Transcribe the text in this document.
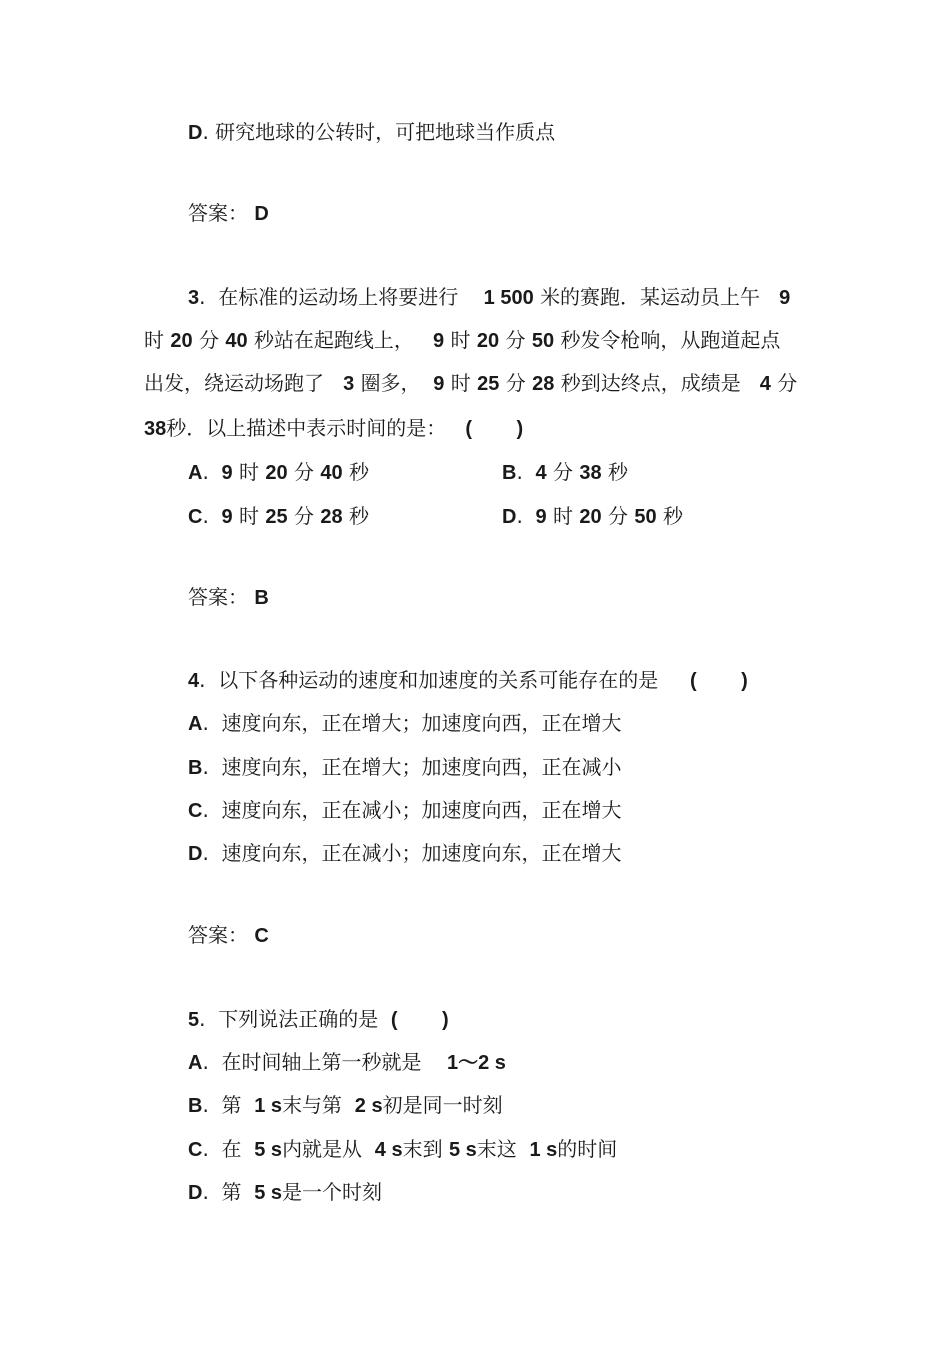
D. 研究地球的公转时，可把地球当作质点
答案： D
3. 在标准的运动场上将要进行 1 500 米的赛跑．某运动员上午 9
时 20 分 40 秒站在起跑线上， 9 时 20 分 50 秒发令枪响，从跑道起点
出发，绕运动场跑了 3 圈多， 9 时 25 分 28 秒到达终点，成绩是 4 分
38秒．以上描述中表示时间的是： (        )
A.  9 时 20 分 40 秒	B.  4 分 38 秒
C.  9 时 25 分 28 秒	D.  9 时 20 分 50 秒
答案： B
4. 以下各种运动的速度和加速度的关系可能存在的是 (        )
A.  速度向东，正在增大；加速度向西，正在增大
B.  速度向东，正在增大；加速度向西，正在减小
C.  速度向东，正在减小；加速度向西，正在增大
D.  速度向东，正在减小；加速度向东，正在增大
答案： C
5. 下列说法正确的是 (        )
A.  在时间轴上第一秒就是 1～2 s
B.  第 1 s末与第 2 s初是同一时刻
C.  在 5 s内就是从 4 s末到 5 s末这 1 s的时间
D.  第 5 s是一个时刻
